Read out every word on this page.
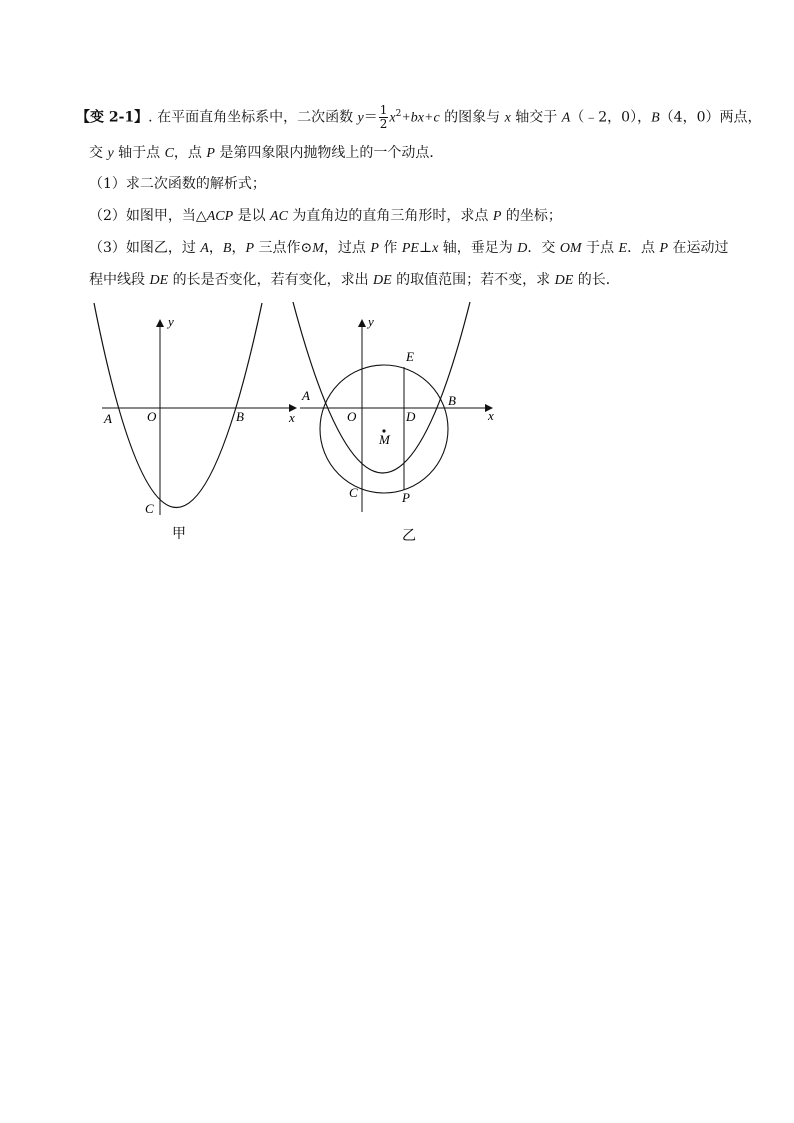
【变 2-1】. 在平面直角坐标系中，二次函数 $y= \frac{1}{2} x^2+bx+c$ 的图象与 x 轴交于 A（﹣2，0），B（4，0）两点，
交 y 轴于点 C，点 P 是第四象限内抛物线上的一个动点．
（1）求二次函数的解析式；
（2）如图甲，当△ACP 是以 AC 为直角边的直角三角形时，求点 P 的坐标；
（3）如图乙，过 A，B，P 三点作⊙M，过点 P 作 PE⊥x 轴，垂足为 D．交 OM 于点 E．点 P 在运动过
程中线段 DE 的长是否变化，若有变化，求出 DE 的取值范围；若不变，求 DE 的长．
y
x
A	O	B
C
甲
y
x
A
O	D
B
E
M
C	P
乙
